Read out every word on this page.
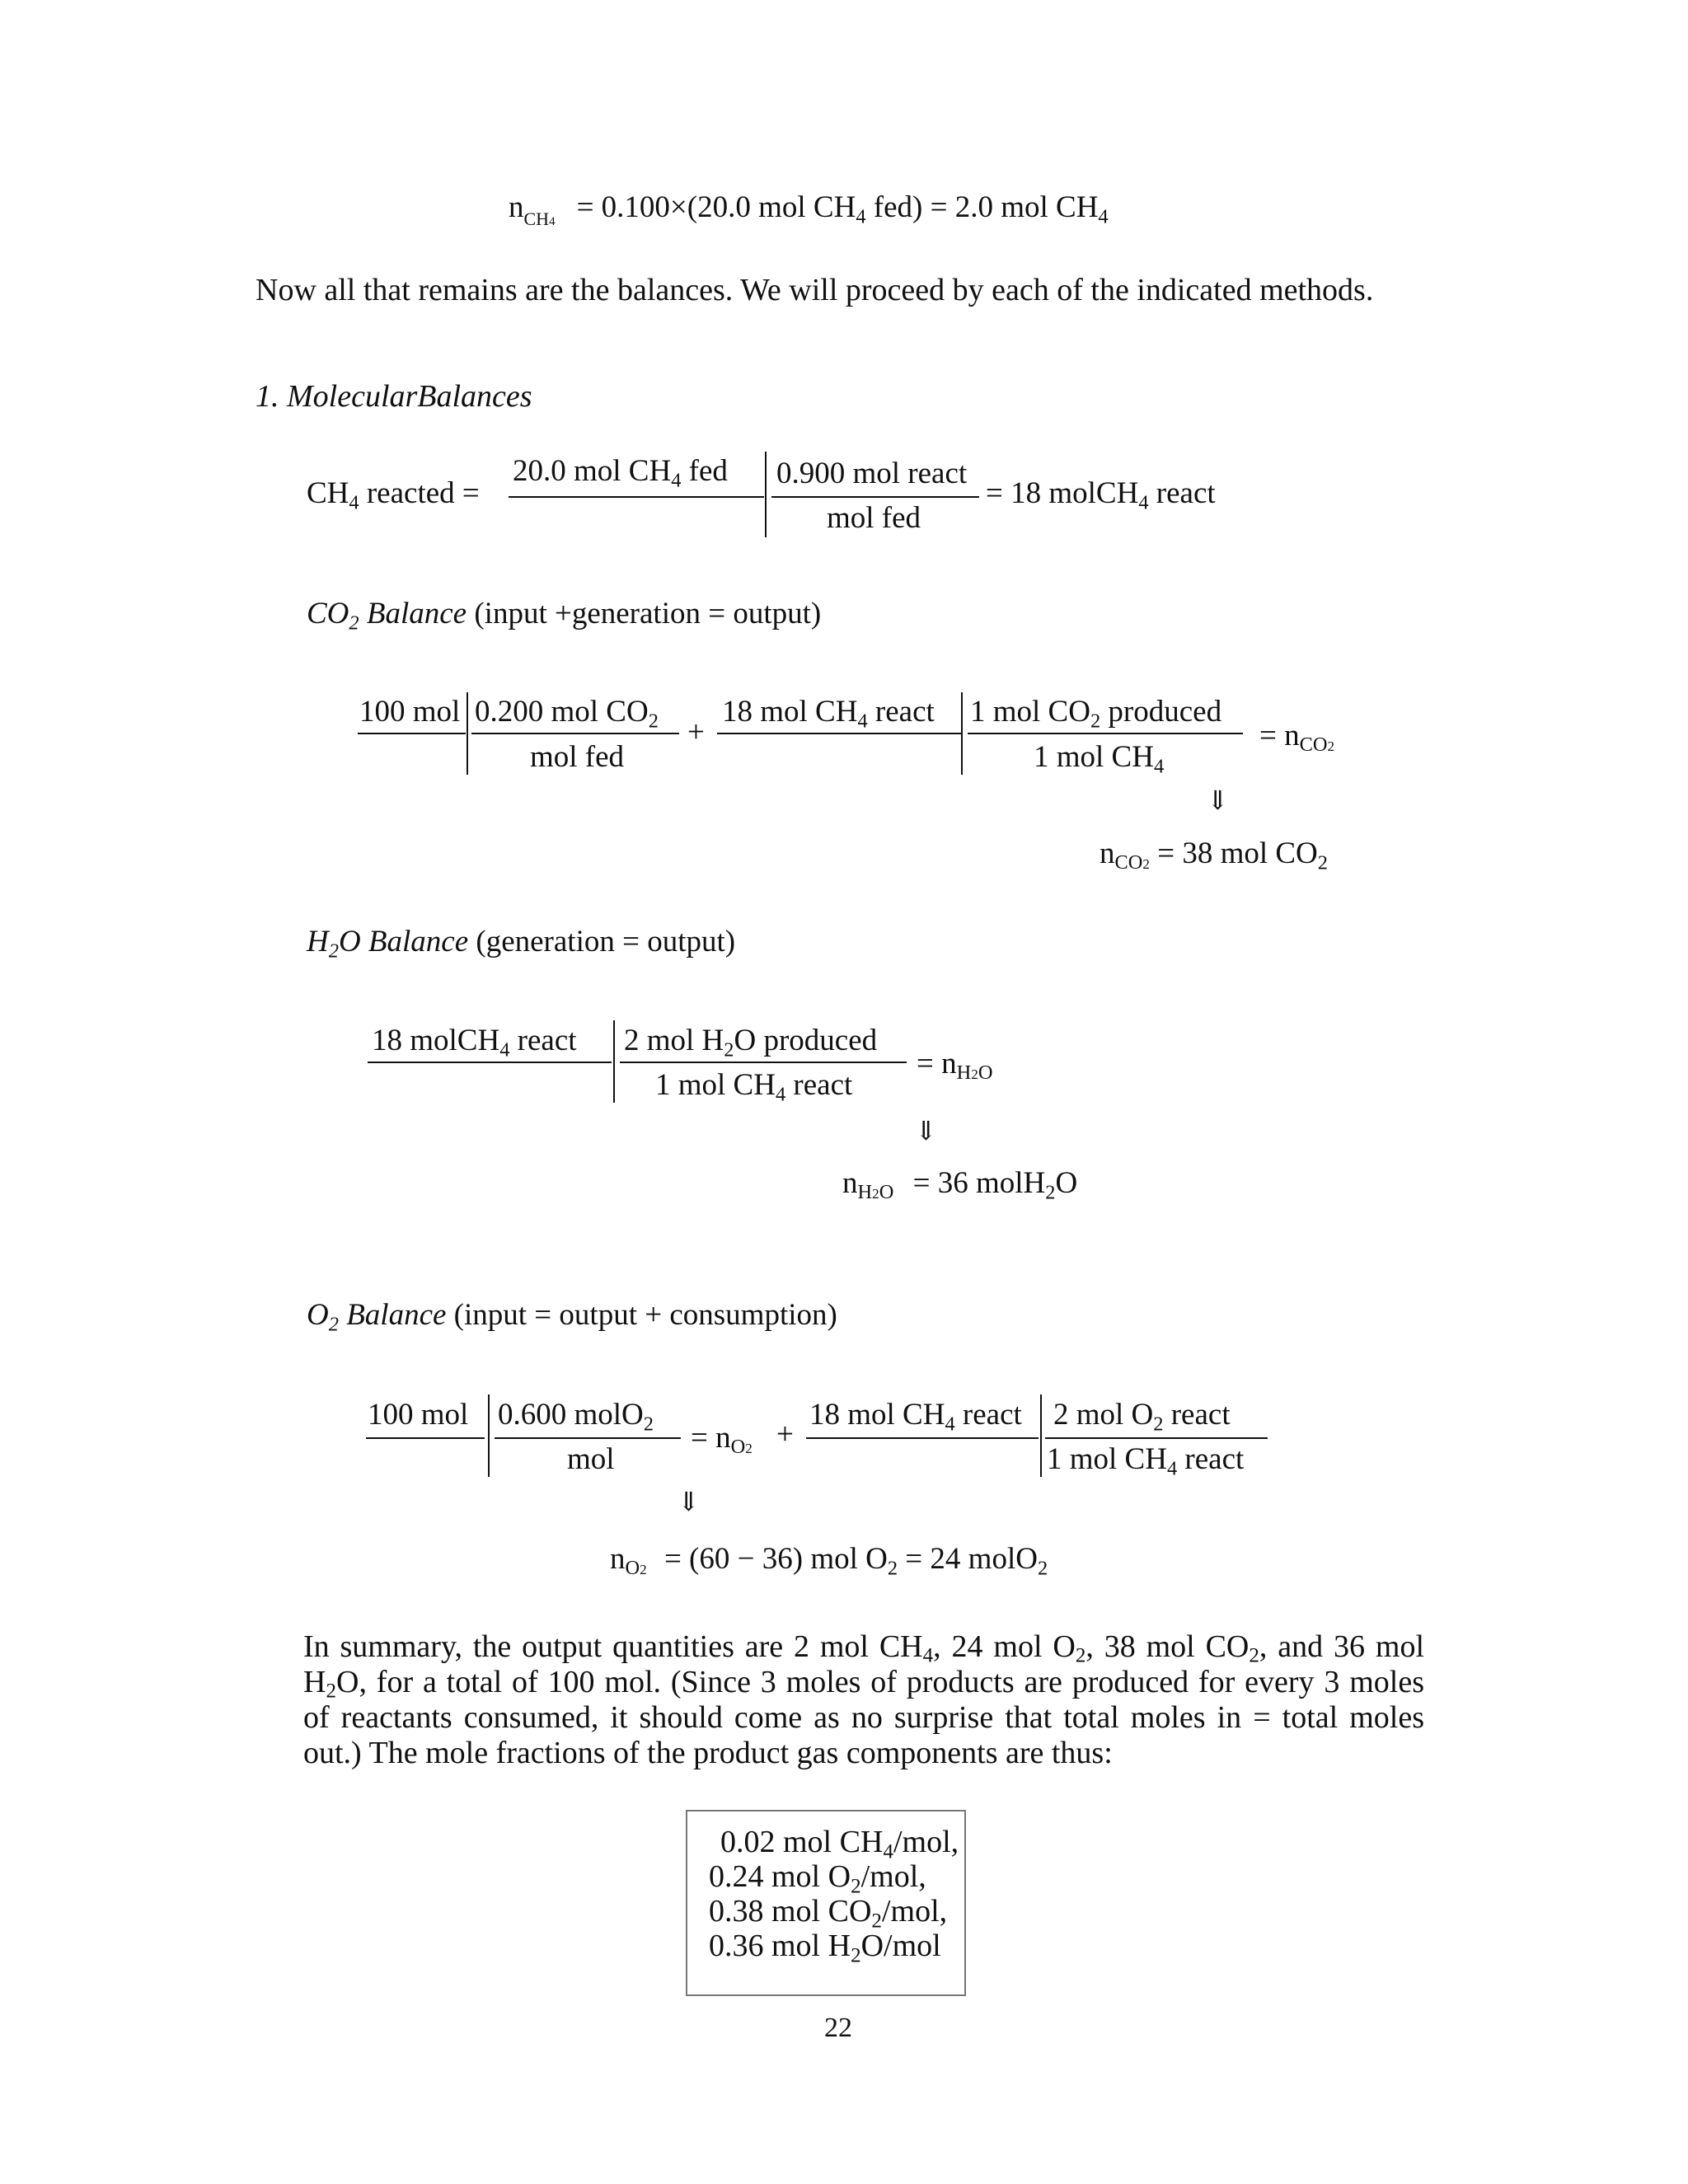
$n_{CH4} = 0.100\times(20.0$ mol $CH_4$ fed) = 2.0 mol $CH_4$
Now all that remains are the balances. We will proceed by each of the indicated methods.
1. MolecularBalances
$CH_4$ reacted =
20.0 mol $CH_4$ fed 0.900 mol react
mol fed
= 18 molCH$_4$ react
$CO_2$ Balance (input +generation = output)
100 mol 0.200 mol $CO_2$
mol fed
+
18 mol $CH_4$ react 1 mol $CO_2$ produced
1 mol $CH_4$
= $n_{CO2}$
⇓
$n_{CO2} = 38$ mol $CO_2$
$H_2O$ Balance (generation = output)
18 molCH$_4$ react 2 mol $H_2O$ produced
1 mol $CH_4$ react
= $n_{H2O}$
⇓
$n_{H2O} = 36$ molH$_2$O
$O_2$ Balance (input = output + consumption)
100 mol 0.600 molO$_2$
mol
= $n_{O2}$ +
18 mol $CH_4$ react 2 mol $O_2$ react
1 mol $CH_4$ react
⇓
$n_{O2} = (60 - 36)$ mol $O_2 = 24$ molO$_2$

In summary, the output quantities are 2 mol $CH_4$, 24 mol $O_2$, 38 mol $CO_2$, and 36 mol $H_2O$, for a total of 100 mol. (Since 3 moles of products are produced for every 3 moles of reactants consumed, it should come as no surprise that total moles in = total moles out.) The mole fractions of the product gas components are thus:

0.02 mol $CH_4$/mol,
0.24 mol $O_2$/mol,
0.38 mol $CO_2$/mol,
0.36 mol $H_2O$/mol
22
